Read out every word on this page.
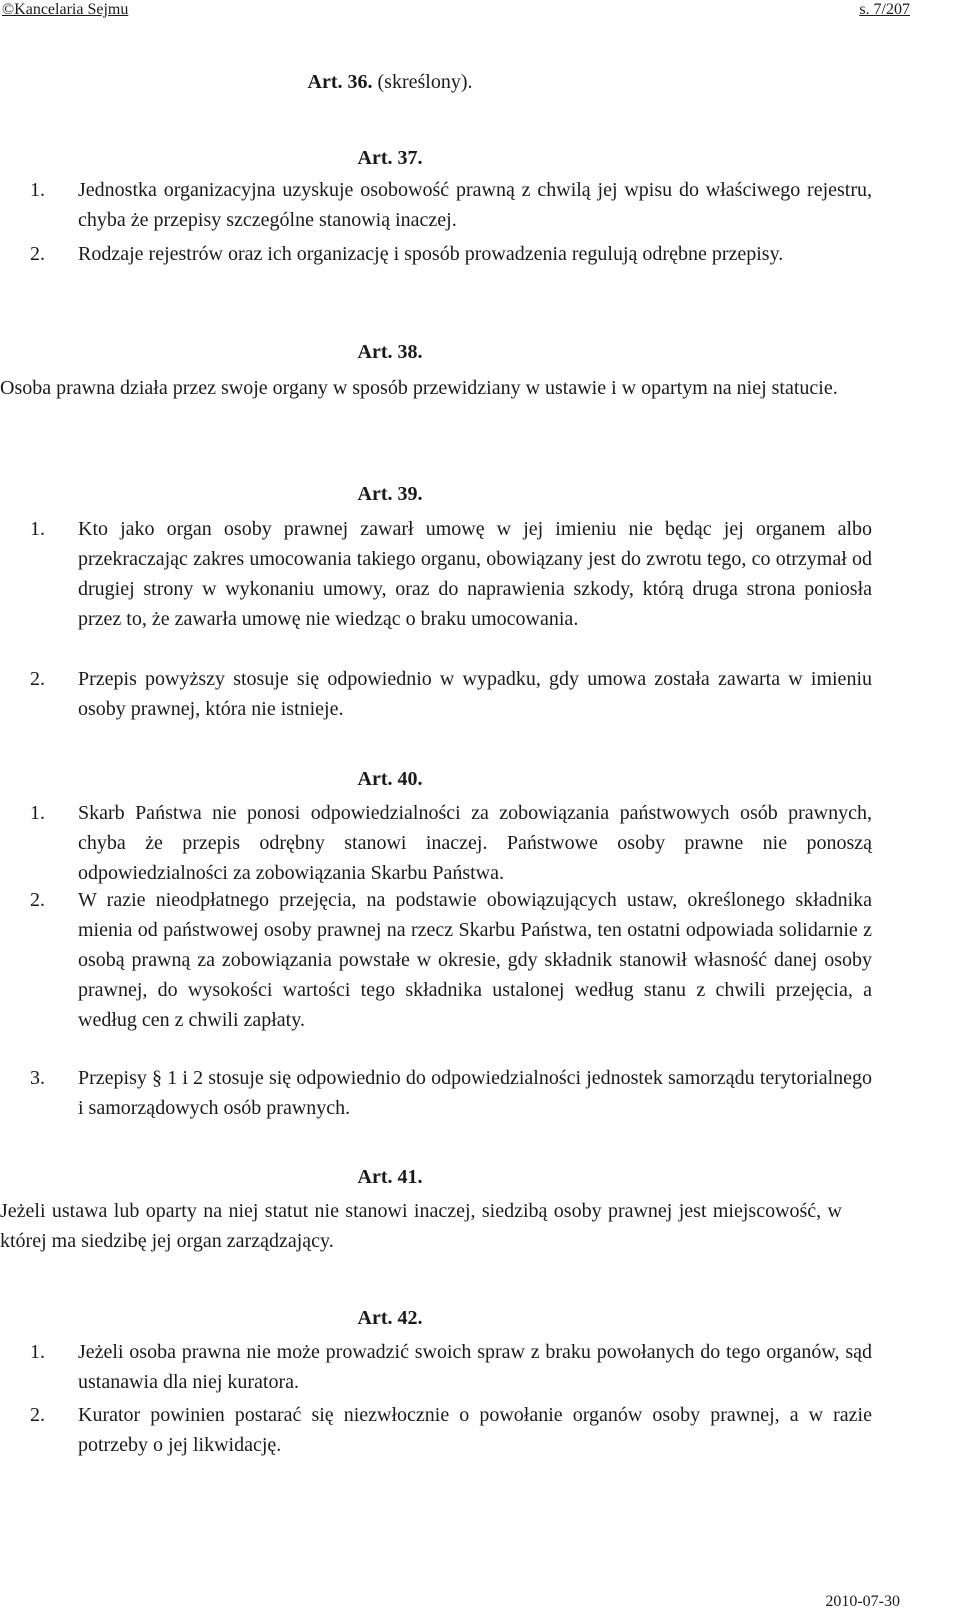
©Kancelaria Sejmu	s. 7/207

Art. 36. (skreślony).

Art. 37.

1.	Jednostka organizacyjna uzyskuje osobowość prawną z chwilą jej wpisu do właściwego rejestru, chyba że przepisy szczególne stanowią inaczej.
2.	Rodzaje rejestrów oraz ich organizację i sposób prowadzenia regulują odrębne przepisy.

Art. 38.

Osoba prawna działa przez swoje organy w sposób przewidziany w ustawie i w opartym na niej statucie.

Art. 39.

1.	Kto jako organ osoby prawnej zawarł umowę w jej imieniu nie będąc jej organem albo przekraczając zakres umocowania takiego organu, obowiązany jest do zwrotu tego, co otrzymał od drugiej strony w wykonaniu umowy, oraz do naprawienia szkody, którą druga strona poniosła przez to, że zawarła umowę nie wiedząc o braku umocowania.
2.	Przepis powyższy stosuje się odpowiednio w wypadku, gdy umowa została zawarta w imieniu osoby prawnej, która nie istnieje.

Art. 40.

1.	Skarb Państwa nie ponosi odpowiedzialności za zobowiązania państwowych osób prawnych, chyba że przepis odrębny stanowi inaczej. Państwowe osoby prawne nie ponoszą odpowiedzialności za zobowiązania Skarbu Państwa.
2.	W razie nieodpłatnego przejęcia, na podstawie obowiązujących ustaw, określonego składnika mienia od państwowej osoby prawnej na rzecz Skarbu Państwa, ten ostatni odpowiada solidarnie z osobą prawną za zobowiązania powstałe w okresie, gdy składnik stanowił własność danej osoby prawnej, do wysokości wartości tego składnika ustalonej według stanu z chwili przejęcia, a według cen z chwili zapłaty.
3.	Przepisy § 1 i 2 stosuje się odpowiednio do odpowiedzialności jednostek samorządu terytorialnego i samorządowych osób prawnych.

Art. 41.

Jeżeli ustawa lub oparty na niej statut nie stanowi inaczej, siedzibą osoby prawnej jest miejscowość, w której ma siedzibę jej organ zarządzający.

Art. 42.

1.	Jeżeli osoba prawna nie może prowadzić swoich spraw z braku powołanych do tego organów, sąd ustanawia dla niej kuratora.
2.	Kurator powinien postarać się niezwłocznie o powołanie organów osoby prawnej, a w razie potrzeby o jej likwidację.
2010-07-30
